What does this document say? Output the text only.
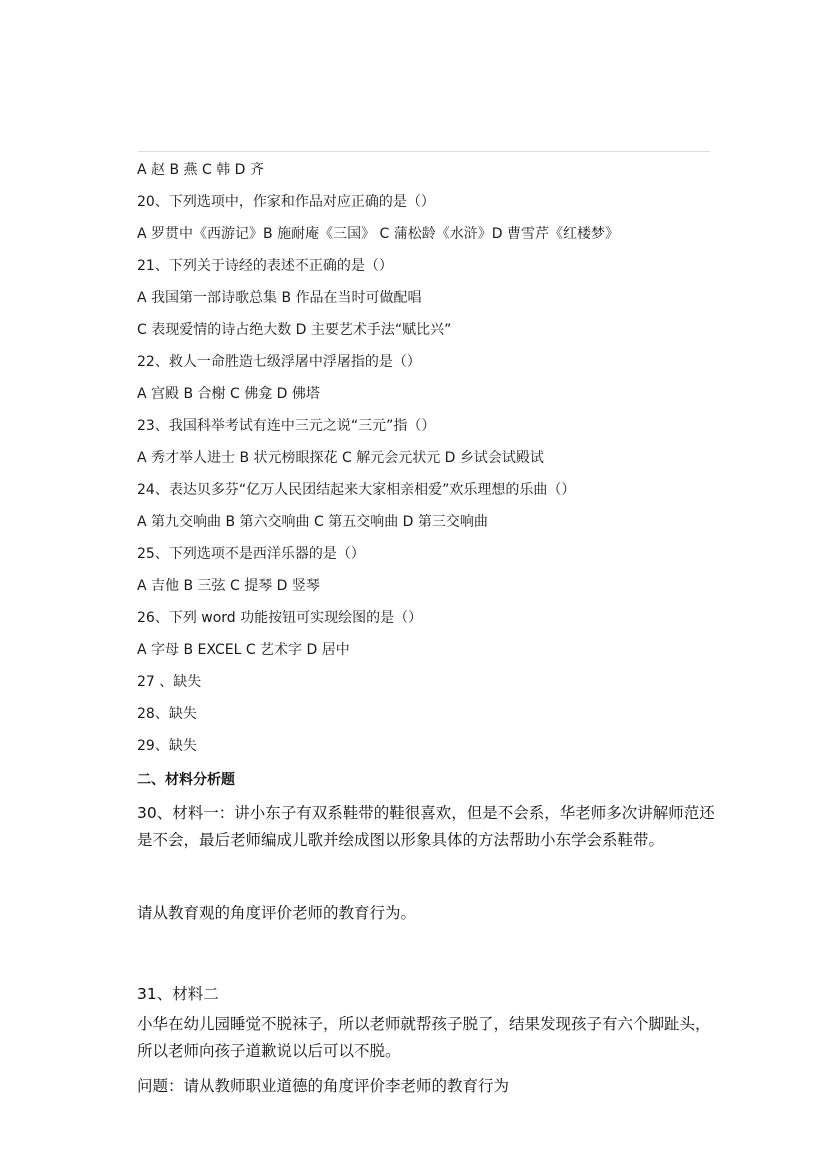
A 赵 B 燕 C 韩 D 齐

20、下列选项中，作家和作品对应正确的是（）

A 罗贯中《西游记》B 施耐庵《三国》 C 蒲松龄《水浒》D 曹雪芹《红楼梦》

21、下列关于诗经的表述不正确的是（）

A 我国第一部诗歌总集 B 作品在当时可做配唱

C 表现爱情的诗占绝大数 D 主要艺术手法“赋比兴”

22、救人一命胜造七级浮屠中浮屠指的是（）

A 宫殿 B 合榭 C 佛龛 D 佛塔

23、我国科举考试有连中三元之说“三元”指（）

A 秀才举人进士 B 状元榜眼探花 C 解元会元状元 D 乡试会试殿试

24、表达贝多芬“亿万人民团结起来大家相亲相爱”欢乐理想的乐曲（）

A 第九交响曲 B 第六交响曲 C 第五交响曲 D 第三交响曲

25、下列选项不是西洋乐器的是（）

A 吉他 B 三弦 C 提琴 D 竖琴

26、下列 word 功能按钮可实现绘图的是（）

A 字母 B EXCEL C 艺术字 D 居中

27 、缺失

28、缺失

29、缺失

二、材料分析题

30、材料一：讲小东子有双系鞋带的鞋很喜欢，但是不会系，华老师多次讲解师范还是不会，最后老师编成儿歌并绘成图以形象具体的方法帮助小东学会系鞋带。

请从教育观的角度评价老师的教育行为。

31、材料二

小华在幼儿园睡觉不脱袜子，所以老师就帮孩子脱了，结果发现孩子有六个脚趾头，所以老师向孩子道歉说以后可以不脱。

问题：请从教师职业道德的角度评价李老师的教育行为
